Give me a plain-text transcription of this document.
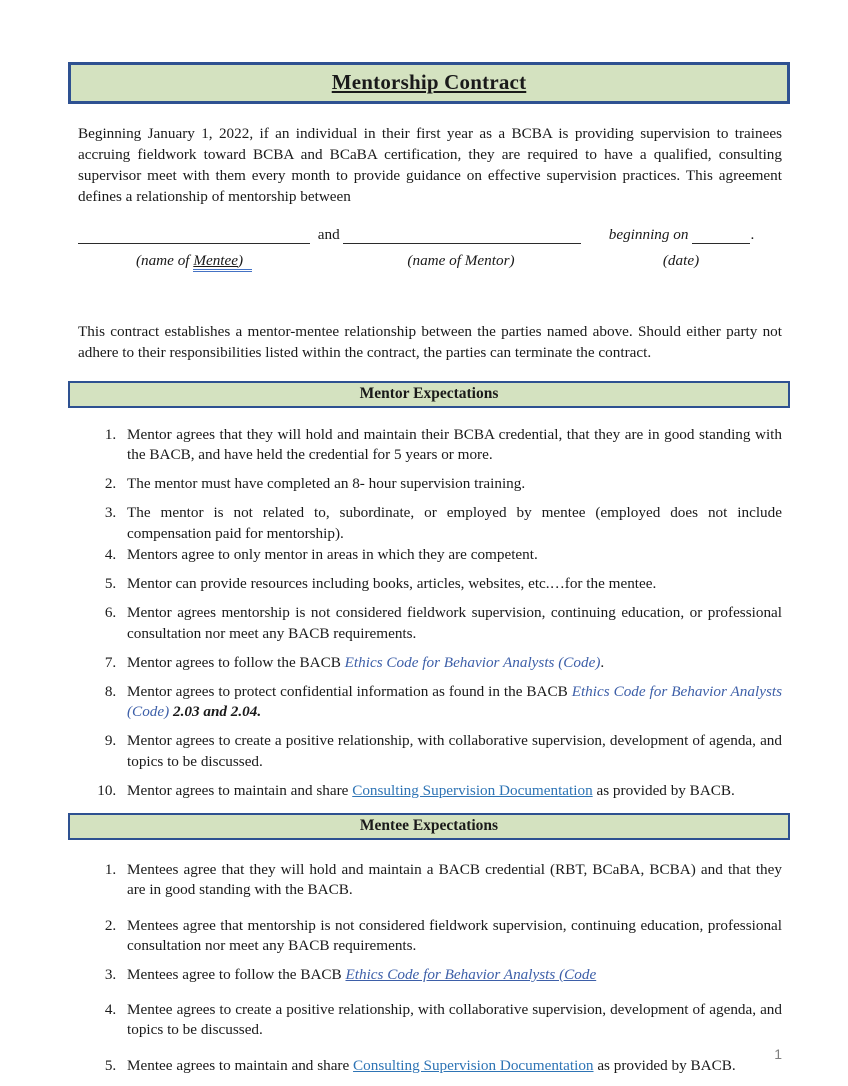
Mentorship Contract

Beginning January 1, 2022, if an individual in their first year as a BCBA is providing supervision to trainees accruing fieldwork toward BCBA and BCaBA certification, they are required to have a qualified, consulting supervisor meet with them every month to provide guidance on effective supervision practices. This agreement defines a relationship of mentorship between

and	beginning on	.
(name of Mentee)	(name of Mentor)	(date)

This contract establishes a mentor-mentee relationship between the parties named above. Should either party not adhere to their responsibilities listed within the contract, the parties can terminate the contract.

Mentor Expectations
1. Mentor agrees that they will hold and maintain their BCBA credential, that they are in good standing with the BACB, and have held the credential for 5 years or more.
2. The mentor must have completed an 8- hour supervision training.
3. The mentor is not related to, subordinate, or employed by mentee (employed does not include compensation paid for mentorship).
4. Mentors agree to only mentor in areas in which they are competent.
5. Mentor can provide resources including books, articles, websites, etc.…for the mentee.
6. Mentor agrees mentorship is not considered fieldwork supervision, continuing education, or professional consultation nor meet any BACB requirements.
7. Mentor agrees to follow the BACB Ethics Code for Behavior Analysts (Code).
8. Mentor agrees to protect confidential information as found in the BACB Ethics Code for Behavior Analysts (Code) 2.03 and 2.04.
9. Mentor agrees to create a positive relationship, with collaborative supervision, development of agenda, and topics to be discussed.
10. Mentor agrees to maintain and share Consulting Supervision Documentation as provided by BACB.
Mentee Expectations
1. Mentees agree that they will hold and maintain a BACB credential (RBT, BCaBA, BCBA) and that they are in good standing with the BACB.
2. Mentees agree that mentorship is not considered fieldwork supervision, continuing education, professional consultation nor meet any BACB requirements.
3. Mentees agree to follow the BACB Ethics Code for Behavior Analysts (Code
4. Mentee agrees to create a positive relationship, with collaborative supervision, development of agenda, and topics to be discussed.
5. Mentee agrees to maintain and share Consulting Supervision Documentation as provided by BACB.
1
